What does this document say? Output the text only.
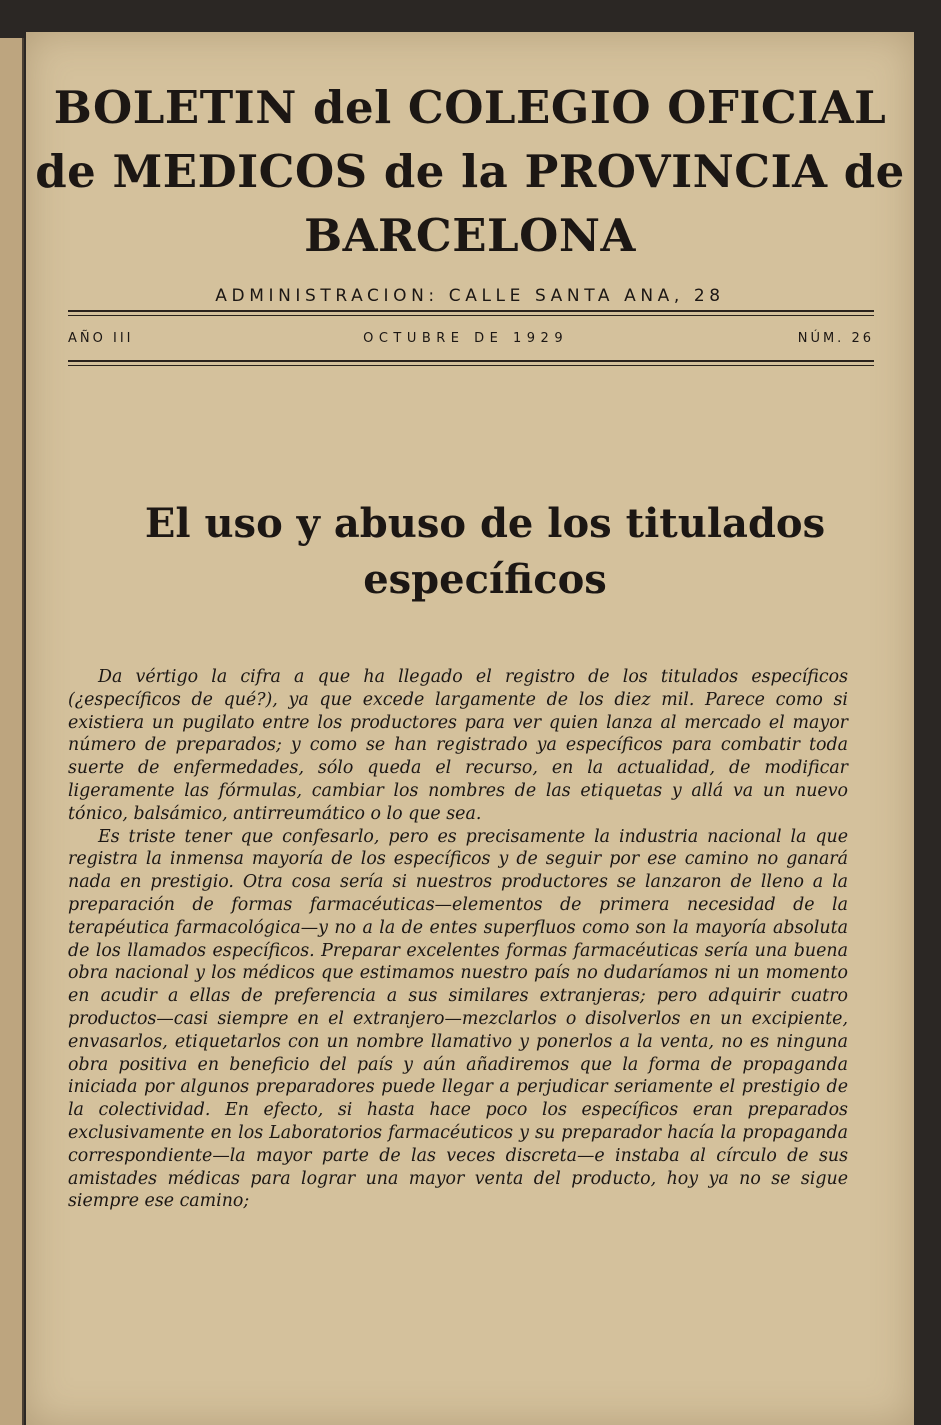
BOLETIN del COLEGIO OFICIAL
de MEDICOS de la PROVINCIA de
BARCELONA
ADMINISTRACION: CALLE SANTA ANA, 28
AÑO III	OCTUBRE DE 1929	NÚM. 26
El uso y abuso de los titulados
específicos

Da vértigo la cifra a que ha llegado el registro de los titulados específicos (¿específicos de qué?), ya que excede largamente de los diez mil. Parece como si existiera un pugilato entre los productores para ver quien lanza al mercado el mayor número de preparados; y como se han registrado ya específicos para combatir toda suerte de enfermedades, sólo queda el recurso, en la actualidad, de modificar ligeramente las fórmulas, cambiar los nombres de las etiquetas y allá va un nuevo tónico, balsámico, antirreumático o lo que sea.

Es triste tener que confesarlo, pero es precisamente la industria nacional la que registra la inmensa mayoría de los específicos y de seguir por ese camino no ganará nada en prestigio. Otra cosa sería si nuestros productores se lanzaron de lleno a la preparación de formas farmacéuticas—elementos de primera necesidad de la terapéutica farmacológica—y no a la de entes superfluos como son la mayoría absoluta de los llamados específicos. Preparar excelentes formas farmacéuticas sería una buena obra nacional y los médicos que estimamos nuestro país no dudaríamos ni un momento en acudir a ellas de preferencia a sus similares extranjeras; pero adquirir cuatro productos—casi siempre en el extranjero—mezclarlos o disolverlos en un excipiente, envasarlos, etiquetarlos con un nombre llamativo y ponerlos a la venta, no es ninguna obra positiva en beneficio del país y aún añadiremos que la forma de propaganda iniciada por algunos preparadores puede llegar a perjudicar seriamente el prestigio de la colectividad. En efecto, si hasta hace poco los específicos eran preparados exclusivamente en los Laboratorios farmacéuticos y su preparador hacía la propaganda correspondiente—la mayor parte de las veces discreta—e instaba al círculo de sus amistades médicas para lograr una mayor venta del producto, hoy ya no se sigue siempre ese camino;
